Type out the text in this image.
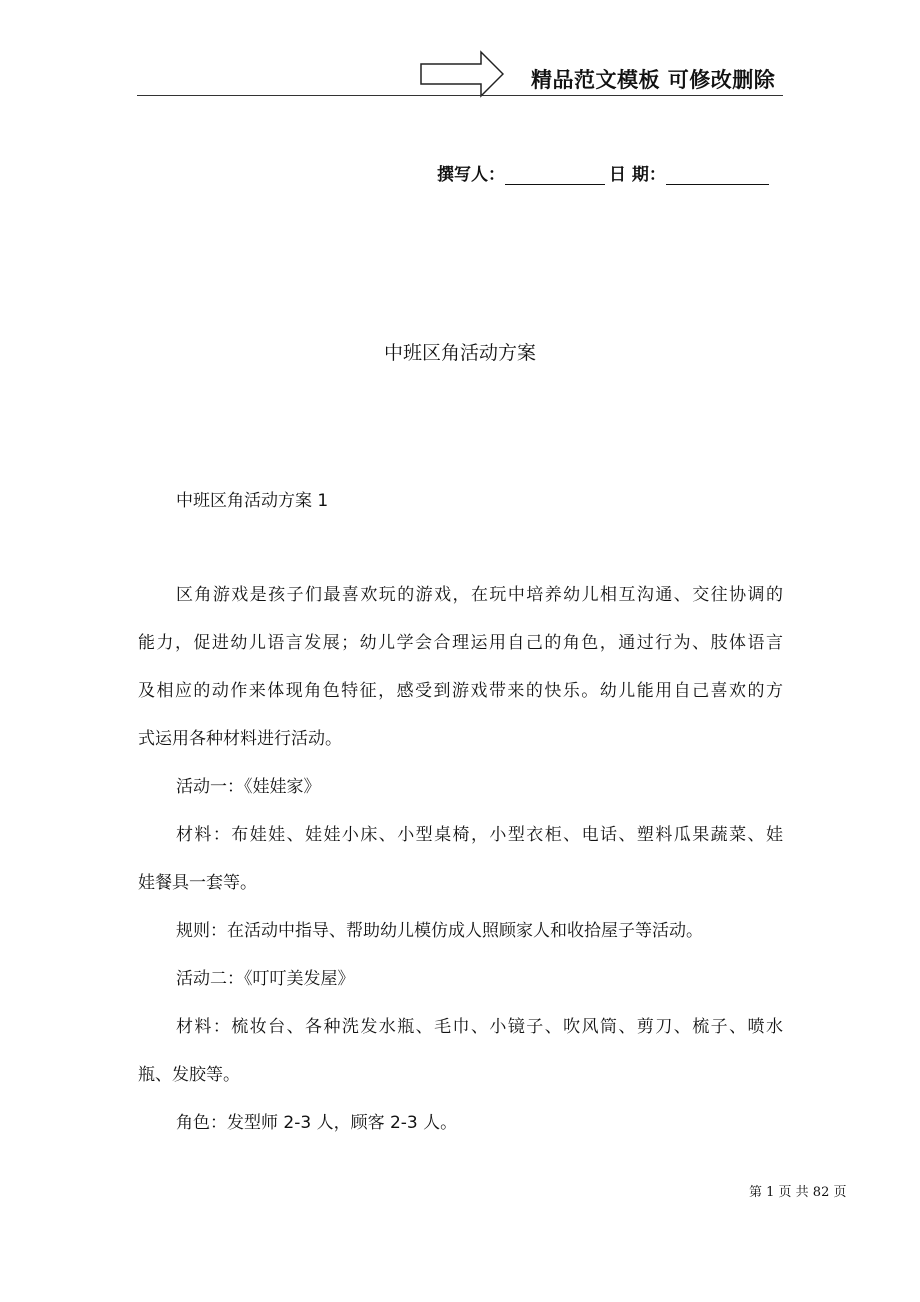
精品范文模板 可修改删除
撰写人：	日 期：
中班区角活动方案
中班区角活动方案 1
区角游戏是孩子们最喜欢玩的游戏，在玩中培养幼儿相互沟通、交往协调的
能力，促进幼儿语言发展；幼儿学会合理运用自己的角色，通过行为、肢体语言
及相应的动作来体现角色特征，感受到游戏带来的快乐。幼儿能用自己喜欢的方
式运用各种材料进行活动。
活动一：《娃娃家》
材料：布娃娃、娃娃小床、小型桌椅，小型衣柜、电话、塑料瓜果蔬菜、娃
娃餐具一套等。
规则：在活动中指导、帮助幼儿模仿成人照顾家人和收拾屋子等活动。
活动二：《叮叮美发屋》
材料：梳妆台、各种洗发水瓶、毛巾、小镜子、吹风筒、剪刀、梳子、喷水
瓶、发胶等。
角色：发型师 2-3 人，顾客 2-3 人。
第 1 页 共 82 页
